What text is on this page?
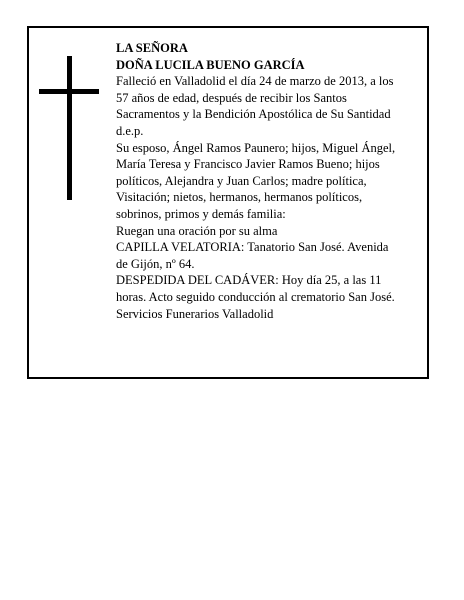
LA SEÑORA

DOÑA LUCILA BUENO GARCÍA

Falleció en Valladolid el día 24 de marzo de 2013, a los

57 años de edad, después de recibir los Santos

Sacramentos y la Bendición Apostólica de Su Santidad

d.e.p.

Su esposo, Ángel Ramos Paunero; hijos, Miguel Ángel,

María Teresa y Francisco Javier Ramos Bueno; hijos

políticos, Alejandra y Juan Carlos; madre política,

Visitación; nietos, hermanos, hermanos políticos,

sobrinos, primos y demás familia:

Ruegan una oración por su alma

CAPILLA VELATORIA: Tanatorio San José. Avenida

de Gijón, nº 64.

DESPEDIDA DEL CADÁVER: Hoy día 25, a las 11

horas. Acto seguido conducción al crematorio San José.

Servicios Funerarios Valladolid
